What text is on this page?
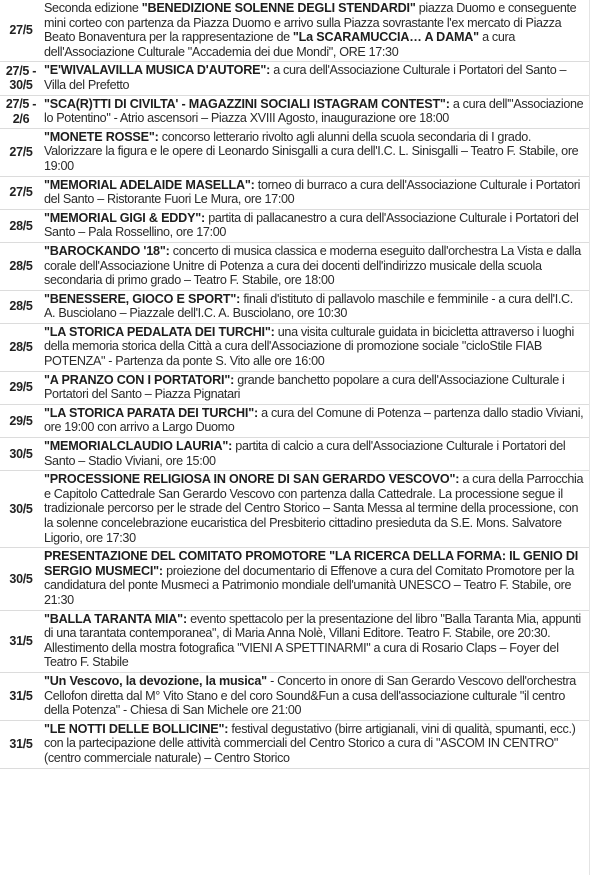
27/5	Seconda edizione "BENEDIZIONE SOLENNE DEGLI STENDARDI" piazza Duomo e conseguente mini corteo con partenza da Piazza Duomo e arrivo sulla Piazza sovrastante l'ex mercato di Piazza Beato Bonaventura per la rappresentazione de "La SCARAMUCCIA… A DAMA" a cura dell'Associazione Culturale "Accademia dei due Mondi", ORE 17:30

27/5 -
30/5	"E'WIVALAVILLA MUSICA D'AUTORE": a cura dell'Associazione Culturale i Portatori del Santo – Villa del Prefetto

27/5 -
2/6	"SCA(R)TTI DI CIVILTA' - MAGAZZINI SOCIALI ISTAGRAM CONTEST": a cura dell'"Associazione lo Potentino" - Atrio ascensori – Piazza XVIII Agosto, inaugurazione ore 18:00

27/5	"MONETE ROSSE": concorso letterario rivolto agli alunni della scuola secondaria di I grado. Valorizzare la figura e le opere di Leonardo Sinisgalli a cura dell'I.C. L. Sinisgalli – Teatro F. Stabile, ore 19:00

27/5	"MEMORIAL ADELAIDE MASELLA": torneo di burraco a cura dell'Associazione Culturale i Portatori del Santo – Ristorante Fuori Le Mura, ore 17:00

28/5	"MEMORIAL GIGI & EDDY": partita di pallacanestro a cura dell'Associazione Culturale i Portatori del Santo – Pala Rossellino, ore 17:00

28/5	"BAROCKANDO '18": concerto di musica classica e moderna eseguito dall'orchestra La Vista e dalla corale dell'Associazione Unitre di Potenza a cura dei docenti dell'indirizzo musicale della scuola secondaria di primo grado – Teatro F. Stabile, ore 18:00

28/5	"BENESSERE, GIOCO E SPORT": finali d'istituto di pallavolo maschile e femminile - a cura dell'I.C. A. Busciolano – Piazzale dell'I.C. A. Busciolano, ore 10:30

28/5	"LA STORICA PEDALATA DEI TURCHI": una visita culturale guidata in bicicletta attraverso i luoghi della memoria storica della Città a cura dell'Associazione di promozione sociale "cicloStile FIAB POTENZA" - Partenza da ponte S. Vito alle ore 16:00

29/5	"A PRANZO CON I PORTATORI": grande banchetto popolare a cura dell'Associazione Culturale i Portatori del Santo – Piazza Pignatari

29/5	"LA STORICA PARATA DEI TURCHI": a cura del Comune di Potenza – partenza dallo stadio Viviani, ore 19:00 con arrivo a Largo Duomo

30/5	"MEMORIALCLAUDIO LAURIA": partita di calcio a cura dell'Associazione Culturale i Portatori del Santo – Stadio Viviani, ore 15:00

30/5	"PROCESSIONE RELIGIOSA IN ONORE DI SAN GERARDO VESCOVO": a cura della Parrocchia e Capitolo Cattedrale San Gerardo Vescovo con partenza dalla Cattedrale. La processione segue il tradizionale percorso per le strade del Centro Storico – Santa Messa al termine della processione, con la solenne concelebrazione eucaristica del Presbiterio cittadino presieduta da S.E. Mons. Salvatore Ligorio, ore 17:30

30/5	PRESENTAZIONE DEL COMITATO PROMOTORE "LA RICERCA DELLA FORMA: IL GENIO DI SERGIO MUSMECI": proiezione del documentario di Effenove a cura del Comitato Promotore per la candidatura del ponte Musmeci a Patrimonio mondiale dell'umanità UNESCO – Teatro F. Stabile, ore 21:30

31/5	"BALLA TARANTA MIA": evento spettacolo per la presentazione del libro "Balla Taranta Mia, appunti di una tarantata contemporanea", di Maria Anna Nolè, Villani Editore. Teatro F. Stabile, ore 20:30. Allestimento della mostra fotografica "VIENI A SPETTINARMI" a cura di Rosario Claps – Foyer del Teatro F. Stabile

31/5	"Un Vescovo, la devozione, la musica" - Concerto in onore di San Gerardo Vescovo dell'orchestra Cellofon diretta dal M° Vito Stano e del coro Sound&Fun a cusa dell'associazione culturale "il centro della Potenza" - Chiesa di San Michele ore 21:00

31/5	"LE NOTTI DELLE BOLLICINE": festival degustativo (birre artigianali, vini di qualità, spumanti, ecc.) con la partecipazione delle attività commerciali del Centro Storico a cura di "ASCOM IN CENTRO" (centro commerciale naturale) – Centro Storico
